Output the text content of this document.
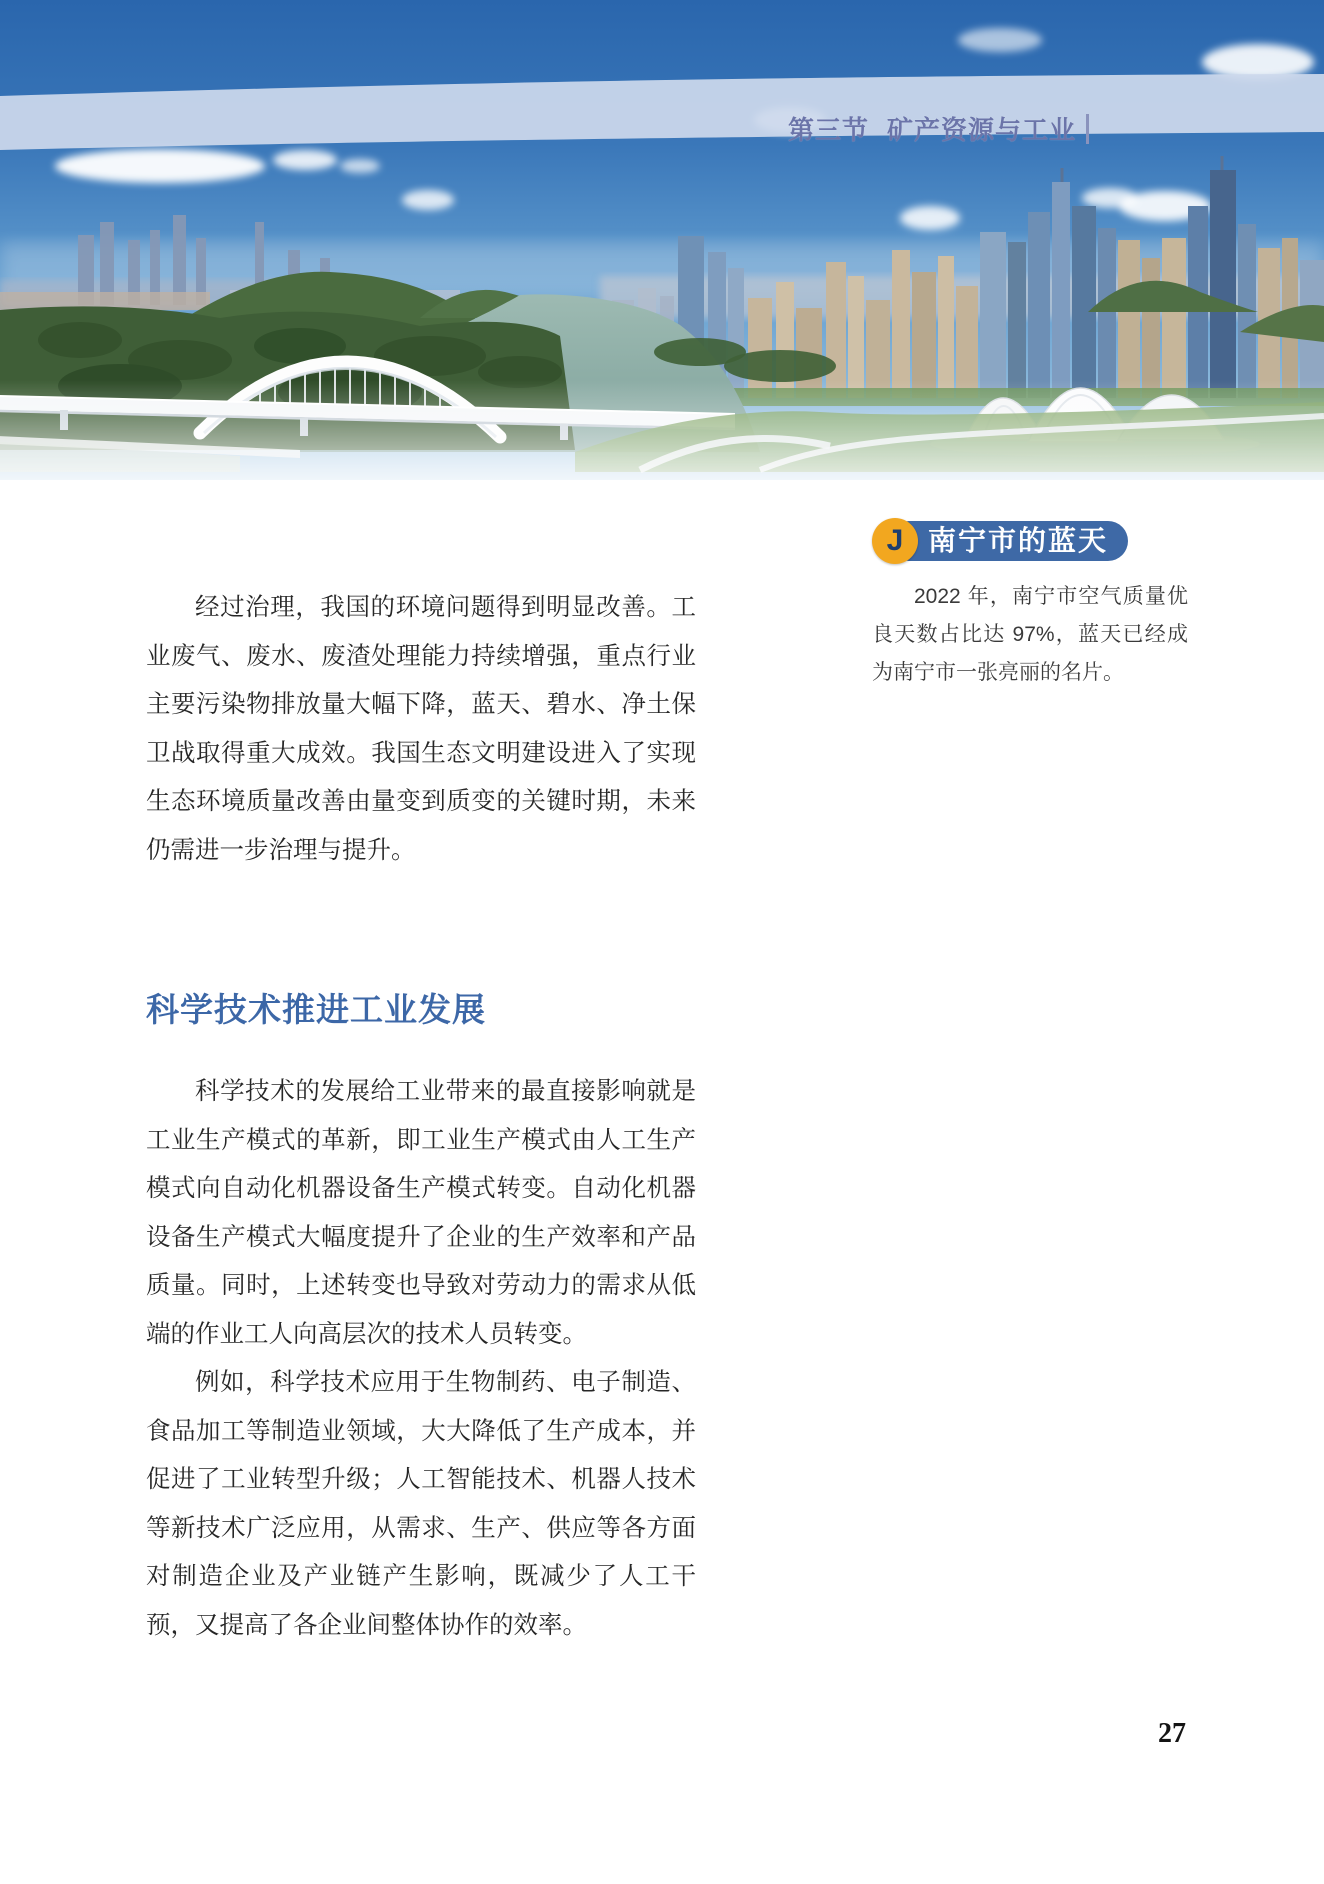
第三节 矿产资源与工业
南宁市的蓝天
J

2022 年，南宁市空气质量优良天数占比达 97%，蓝天已经成为南宁市一张亮丽的名片。

经过治理，我国的环境问题得到明显改善。工业废气、废水、废渣处理能力持续增强，重点行业主要污染物排放量大幅下降，蓝天、碧水、净土保卫战取得重大成效。我国生态文明建设进入了实现生态环境质量改善由量变到质变的关键时期，未来仍需进一步治理与提升。

科学技术推进工业发展

科学技术的发展给工业带来的最直接影响就是工业生产模式的革新，即工业生产模式由人工生产模式向自动化机器设备生产模式转变。自动化机器设备生产模式大幅度提升了企业的生产效率和产品质量。同时，上述转变也导致对劳动力的需求从低端的作业工人向高层次的技术人员转变。

例如，科学技术应用于生物制药、电子制造、食品加工等制造业领域，大大降低了生产成本，并促进了工业转型升级；人工智能技术、机器人技术等新技术广泛应用，从需求、生产、供应等各方面对制造企业及产业链产生影响，既减少了人工干预，又提高了各企业间整体协作的效率。

27
